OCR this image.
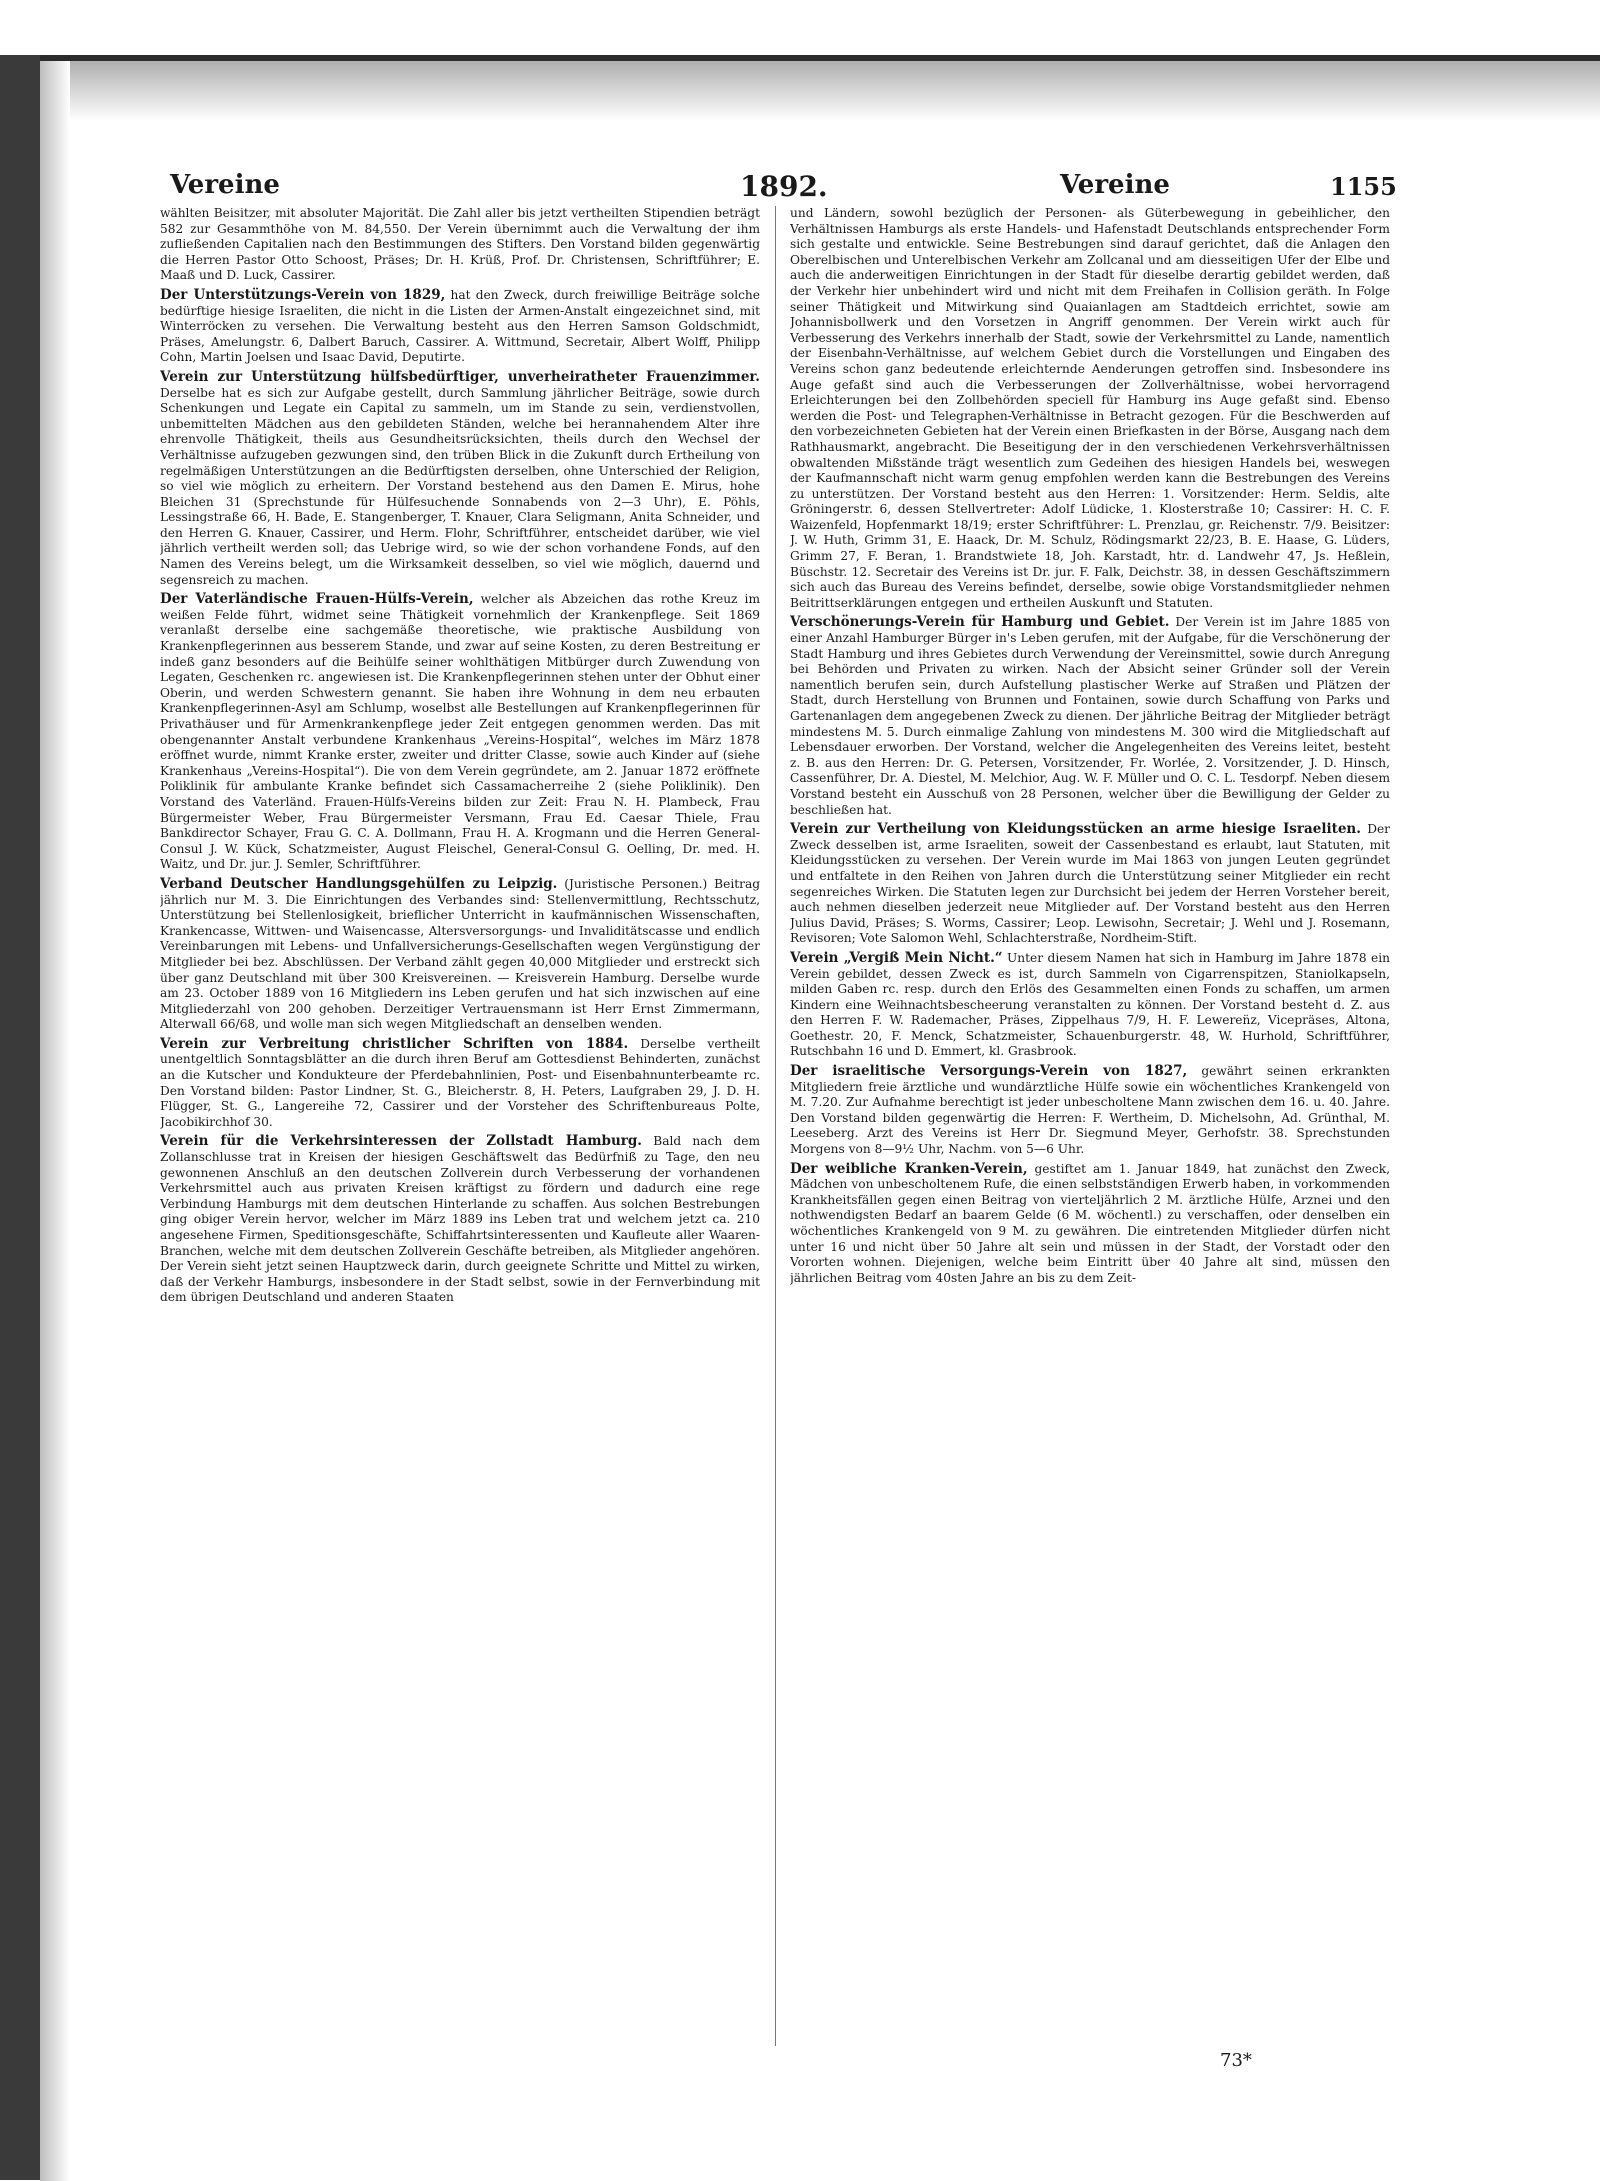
Vereine	1892.	Vereine	1155

wählten Beisitzer, mit absoluter Majorität. Die Zahl aller bis jetzt vertheilten Stipendien beträgt 582 zur Gesammthöhe von M. 84,550. Der Verein übernimmt auch die Verwaltung der ihm zufließenden Capitalien nach den Bestimmungen des Stifters. Den Vorstand bilden gegenwärtig die Herren Pastor Otto Schoost, Präses; Dr. H. Krüß, Prof. Dr. Christensen, Schriftführer; E. Maaß und D. Luck, Cassirer.

Der Unterstützungs-Verein von 1829, hat den Zweck, durch freiwillige Beiträge solche bedürftige hiesige Israeliten, die nicht in die Listen der Armen-Anstalt eingezeichnet sind, mit Winterröcken zu versehen. Die Verwaltung besteht aus den Herren Samson Goldschmidt, Präses, Amelungstr. 6, Dalbert Baruch, Cassirer. A. Wittmund, Secretair, Albert Wolff, Philipp Cohn, Martin Joelsen und Isaac David, Deputirte.

Verein zur Unterstützung hülfsbedürftiger, unverheiratheter Frauenzimmer. Derselbe hat es sich zur Aufgabe gestellt, durch Sammlung jährlicher Beiträge, sowie durch Schenkungen und Legate ein Capital zu sammeln, um im Stande zu sein, verdienstvollen, unbemittelten Mädchen aus den gebildeten Ständen, welche bei herannahendem Alter ihre ehrenvolle Thätigkeit, theils aus Gesundheitsrücksichten, theils durch den Wechsel der Verhältnisse aufzugeben gezwungen sind, den trüben Blick in die Zukunft durch Ertheilung von regelmäßigen Unterstützungen an die Bedürftigsten derselben, ohne Unterschied der Religion, so viel wie möglich zu erheitern. Der Vorstand bestehend aus den Damen E. Mirus, hohe Bleichen 31 (Sprechstunde für Hülfesuchende Sonnabends von 2—3 Uhr), E. Pöhls, Lessingstraße 66, H. Bade, E. Stangenberger, T. Knauer, Clara Seligmann, Anita Schneider, und den Herren G. Knauer, Cassirer, und Herm. Flohr, Schriftführer, entscheidet darüber, wie viel jährlich vertheilt werden soll; das Uebrige wird, so wie der schon vorhandene Fonds, auf den Namen des Vereins belegt, um die Wirksamkeit desselben, so viel wie möglich, dauernd und segensreich zu machen.

Der Vaterländische Frauen-Hülfs-Verein, welcher als Abzeichen das rothe Kreuz im weißen Felde führt, widmet seine Thätigkeit vornehmlich der Krankenpflege. Seit 1869 veranlaßt derselbe eine sachgemäße theoretische, wie praktische Ausbildung von Krankenpflegerinnen aus besserem Stande, und zwar auf seine Kosten, zu deren Bestreitung er indeß ganz besonders auf die Beihülfe seiner wohlthätigen Mitbürger durch Zuwendung von Legaten, Geschenken rc. angewiesen ist. Die Krankenpflegerinnen stehen unter der Obhut einer Oberin, und werden Schwestern genannt. Sie haben ihre Wohnung in dem neu erbauten Krankenpflegerinnen-Asyl am Schlump, woselbst alle Bestellungen auf Krankenpflegerinnen für Privathäuser und für Armenkrankenpflege jeder Zeit entgegen genommen werden. Das mit obengenannter Anstalt verbundene Krankenhaus „Vereins-Hospital“, welches im März 1878 eröffnet wurde, nimmt Kranke erster, zweiter und dritter Classe, sowie auch Kinder auf (siehe Krankenhaus „Vereins-Hospital“). Die von dem Verein gegründete, am 2. Januar 1872 eröffnete Poliklinik für ambulante Kranke befindet sich Cassamacherreihe 2 (siehe Poliklinik). Den Vorstand des Vaterländ. Frauen-Hülfs-Vereins bilden zur Zeit: Frau N. H. Plambeck, Frau Bürgermeister Weber, Frau Bürgermeister Versmann, Frau Ed. Caesar Thiele, Frau Bankdirector Schayer, Frau G. C. A. Dollmann, Frau H. A. Krogmann und die Herren General-Consul J. W. Kück, Schatzmeister, August Fleischel, General-Consul G. Oelling, Dr. med. H. Waitz, und Dr. jur. J. Semler, Schriftführer.

Verband Deutscher Handlungsgehülfen zu Leipzig. (Juristische Personen.) Beitrag jährlich nur M. 3. Die Einrichtungen des Verbandes sind: Stellenvermittlung, Rechtsschutz, Unterstützung bei Stellenlosigkeit, brieflicher Unterricht in kaufmännischen Wissenschaften, Krankencasse, Wittwen- und Waisencasse, Altersversorgungs- und Invaliditätscasse und endlich Vereinbarungen mit Lebens- und Unfallversicherungs-Gesellschaften wegen Vergünstigung der Mitglieder bei bez. Abschlüssen. Der Verband zählt gegen 40,000 Mitglieder und erstreckt sich über ganz Deutschland mit über 300 Kreisvereinen. — Kreisverein Hamburg. Derselbe wurde am 23. October 1889 von 16 Mitgliedern ins Leben gerufen und hat sich inzwischen auf eine Mitgliederzahl von 200 gehoben. Derzeitiger Vertrauensmann ist Herr Ernst Zimmermann, Alterwall 66/68, und wolle man sich wegen Mitgliedschaft an denselben wenden.

Verein zur Verbreitung christlicher Schriften von 1884. Derselbe vertheilt unentgeltlich Sonntagsblätter an die durch ihren Beruf am Gottesdienst Behinderten, zunächst an die Kutscher und Kondukteure der Pferdebahnlinien, Post- und Eisenbahnunterbeamte rc. Den Vorstand bilden: Pastor Lindner, St. G., Bleicherstr. 8, H. Peters, Laufgraben 29, J. D. H. Flügger, St. G., Langereihe 72, Cassirer und der Vorsteher des Schriftenbureaus Polte, Jacobikirchhof 30.

Verein für die Verkehrsinteressen der Zollstadt Hamburg. Bald nach dem Zollanschlusse trat in Kreisen der hiesigen Geschäftswelt das Bedürfniß zu Tage, den neu gewonnenen Anschluß an den deutschen Zollverein durch Verbesserung der vorhandenen Verkehrsmittel auch aus privaten Kreisen kräftigst zu fördern und dadurch eine rege Verbindung Hamburgs mit dem deutschen Hinterlande zu schaffen. Aus solchen Bestrebungen ging obiger Verein hervor, welcher im März 1889 ins Leben trat und welchem jetzt ca. 210 angesehene Firmen, Speditionsgeschäfte, Schiffahrtsinteressenten und Kaufleute aller Waaren-Branchen, welche mit dem deutschen Zollverein Geschäfte betreiben, als Mitglieder angehören. Der Verein sieht jetzt seinen Hauptzweck darin, durch geeignete Schritte und Mittel zu wirken, daß der Verkehr Hamburgs, insbesondere in der Stadt selbst, sowie in der Fernverbindung mit dem übrigen Deutschland und anderen Staaten

und Ländern, sowohl bezüglich der Personen- als Güterbewegung in gebeihlicher, den Verhältnissen Hamburgs als erste Handels- und Hafenstadt Deutschlands entsprechender Form sich gestalte und entwickle. Seine Bestrebungen sind darauf gerichtet, daß die Anlagen den Oberelbischen und Unterelbischen Verkehr am Zollcanal und am diesseitigen Ufer der Elbe und auch die anderweitigen Einrichtungen in der Stadt für dieselbe derartig gebildet werden, daß der Verkehr hier unbehindert wird und nicht mit dem Freihafen in Collision geräth. In Folge seiner Thätigkeit und Mitwirkung sind Quaianlagen am Stadtdeich errichtet, sowie am Johannisbollwerk und den Vorsetzen in Angriff genommen. Der Verein wirkt auch für Verbesserung des Verkehrs innerhalb der Stadt, sowie der Verkehrsmittel zu Lande, namentlich der Eisenbahn-Verhältnisse, auf welchem Gebiet durch die Vorstellungen und Eingaben des Vereins schon ganz bedeutende erleichternde Aenderungen getroffen sind. Insbesondere ins Auge gefaßt sind auch die Verbesserungen der Zollverhältnisse, wobei hervorragend Erleichterungen bei den Zollbehörden speciell für Hamburg ins Auge gefaßt sind. Ebenso werden die Post- und Telegraphen-Verhältnisse in Betracht gezogen. Für die Beschwerden auf den vorbezeichneten Gebieten hat der Verein einen Briefkasten in der Börse, Ausgang nach dem Rathhausmarkt, angebracht. Die Beseitigung der in den verschiedenen Verkehrsverhältnissen obwaltenden Mißstände trägt wesentlich zum Gedeihen des hiesigen Handels bei, weswegen der Kaufmannschaft nicht warm genug empfohlen werden kann die Bestrebungen des Vereins zu unterstützen. Der Vorstand besteht aus den Herren: 1. Vorsitzender: Herm. Seldis, alte Gröningerstr. 6, dessen Stellvertreter: Adolf Lüdicke, 1. Klosterstraße 10; Cassirer: H. C. F. Waizenfeld, Hopfenmarkt 18/19; erster Schriftführer: L. Prenzlau, gr. Reichenstr. 7/9. Beisitzer: J. W. Huth, Grimm 31, E. Haack, Dr. M. Schulz, Rödingsmarkt 22/23, B. E. Haase, G. Lüders, Grimm 27, F. Beran, 1. Brandstwiete 18, Joh. Karstadt, htr. d. Landwehr 47, Js. Heßlein, Büschstr. 12. Secretair des Vereins ist Dr. jur. F. Falk, Deichstr. 38, in dessen Geschäftszimmern sich auch das Bureau des Vereins befindet, derselbe, sowie obige Vorstandsmitglieder nehmen Beitrittserklärungen entgegen und ertheilen Auskunft und Statuten.

Verschönerungs-Verein für Hamburg und Gebiet. Der Verein ist im Jahre 1885 von einer Anzahl Hamburger Bürger in's Leben gerufen, mit der Aufgabe, für die Verschönerung der Stadt Hamburg und ihres Gebietes durch Verwendung der Vereinsmittel, sowie durch Anregung bei Behörden und Privaten zu wirken. Nach der Absicht seiner Gründer soll der Verein namentlich berufen sein, durch Aufstellung plastischer Werke auf Straßen und Plätzen der Stadt, durch Herstellung von Brunnen und Fontainen, sowie durch Schaffung von Parks und Gartenanlagen dem angegebenen Zweck zu dienen. Der jährliche Beitrag der Mitglieder beträgt mindestens M. 5. Durch einmalige Zahlung von mindestens M. 300 wird die Mitgliedschaft auf Lebensdauer erworben. Der Vorstand, welcher die Angelegenheiten des Vereins leitet, besteht z. B. aus den Herren: Dr. G. Petersen, Vorsitzender, Fr. Worlée, 2. Vorsitzender, J. D. Hinsch, Cassenführer, Dr. A. Diestel, M. Melchior, Aug. W. F. Müller und O. C. L. Tesdorpf. Neben diesem Vorstand besteht ein Ausschuß von 28 Personen, welcher über die Bewilligung der Gelder zu beschließen hat.

Verein zur Vertheilung von Kleidungsstücken an arme hiesige Israeliten. Der Zweck desselben ist, arme Israeliten, soweit der Cassenbestand es erlaubt, laut Statuten, mit Kleidungsstücken zu versehen. Der Verein wurde im Mai 1863 von jungen Leuten gegründet und entfaltete in den Reihen von Jahren durch die Unterstützung seiner Mitglieder ein recht segenreiches Wirken. Die Statuten legen zur Durchsicht bei jedem der Herren Vorsteher bereit, auch nehmen dieselben jederzeit neue Mitglieder auf. Der Vorstand besteht aus den Herren Julius David, Präses; S. Worms, Cassirer; Leop. Lewisohn, Secretair; J. Wehl und J. Rosemann, Revisoren; Vote Salomon Wehl, Schlachterstraße, Nordheim-Stift.

Verein „Vergiß Mein Nicht.“ Unter diesem Namen hat sich in Hamburg im Jahre 1878 ein Verein gebildet, dessen Zweck es ist, durch Sammeln von Cigarrenspitzen, Staniolkapseln, milden Gaben rc. resp. durch den Erlös des Gesammelten einen Fonds zu schaffen, um armen Kindern eine Weihnachtsbescheerung veranstalten zu können. Der Vorstand besteht d. Z. aus den Herren F. W. Rademacher, Präses, Zippelhaus 7/9, H. F. Leweren̈z, Vicepräses, Altona, Goethestr. 20, F. Menck, Schatzmeister, Schauenburgerstr. 48, W. Hurhold, Schriftführer, Rutschbahn 16 und D. Emmert, kl. Grasbrook.

Der israelitische Versorgungs-Verein von 1827, gewährt seinen erkrankten Mitgliedern freie ärztliche und wundärztliche Hülfe sowie ein wöchentliches Krankengeld von M. 7.20. Zur Aufnahme berechtigt ist jeder unbescholtene Mann zwischen dem 16. u. 40. Jahre. Den Vorstand bilden gegenwärtig die Herren: F. Wertheim, D. Michelsohn, Ad. Grünthal, M. Leeseberg. Arzt des Vereins ist Herr Dr. Siegmund Meyer, Gerhofstr. 38. Sprechstunden Morgens von 8—9½ Uhr, Nachm. von 5—6 Uhr.

Der weibliche Kranken-Verein, gestiftet am 1. Januar 1849, hat zunächst den Zweck, Mädchen von unbescholtenem Rufe, die einen selbstständigen Erwerb haben, in vorkommenden Krankheitsfällen gegen einen Beitrag von vierteljährlich 2 M. ärztliche Hülfe, Arznei und den nothwendigsten Bedarf an baarem Gelde (6 M. wöchentl.) zu verschaffen, oder denselben ein wöchentliches Krankengeld von 9 M. zu gewähren. Die eintretenden Mitglieder dürfen nicht unter 16 und nicht über 50 Jahre alt sein und müssen in der Stadt, der Vorstadt oder den Vororten wohnen. Diejenigen, welche beim Eintritt über 40 Jahre alt sind, müssen den jährlichen Beitrag vom 40sten Jahre an bis zu dem Zeit-

73*
